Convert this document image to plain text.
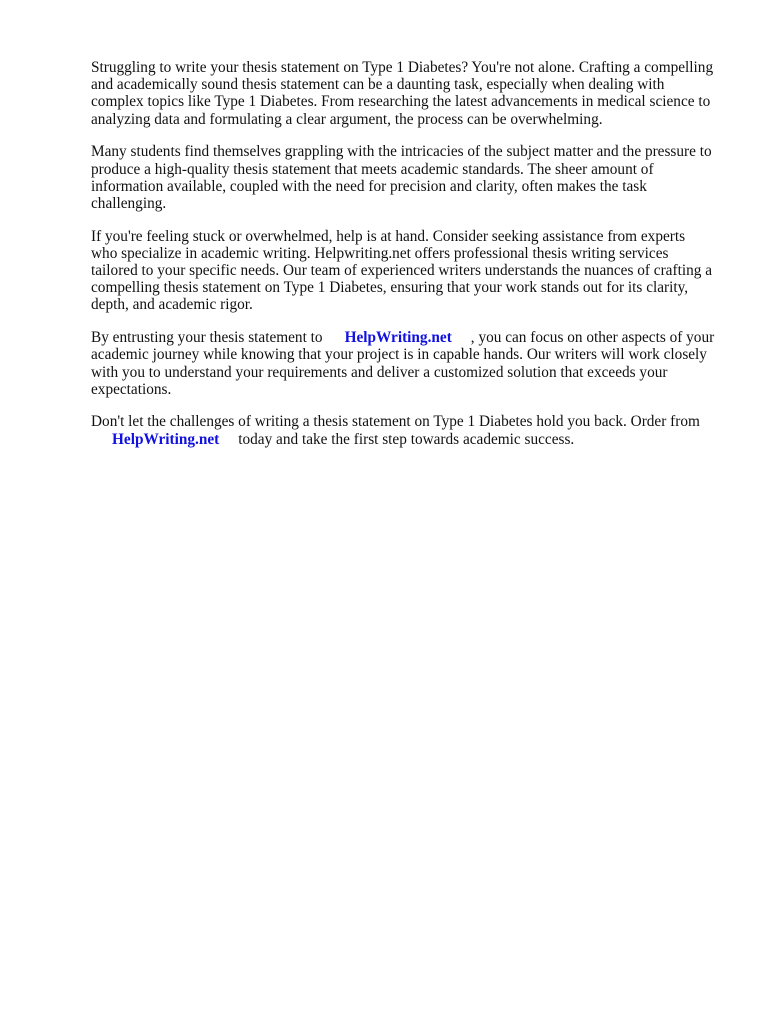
Struggling to write your thesis statement on Type 1 Diabetes? You're not alone. Crafting a compelling and academically sound thesis statement can be a daunting task, especially when dealing with complex topics like Type 1 Diabetes. From researching the latest advancements in medical science to analyzing data and formulating a clear argument, the process can be overwhelming.

Many students find themselves grappling with the intricacies of the subject matter and the pressure to produce a high-quality thesis statement that meets academic standards. The sheer amount of information available, coupled with the need for precision and clarity, often makes the task challenging.

If you're feeling stuck or overwhelmed, help is at hand. Consider seeking assistance from experts who specialize in academic writing. Helpwriting.net offers professional thesis writing services tailored to your specific needs. Our team of experienced writers understands the nuances of crafting a compelling thesis statement on Type 1 Diabetes, ensuring that your work stands out for its clarity, depth, and academic rigor.

By entrusting your thesis statement to HelpWriting.net , you can focus on other aspects of your academic journey while knowing that your project is in capable hands. Our writers will work closely with you to understand your requirements and deliver a customized solution that exceeds your expectations.

Don't let the challenges of writing a thesis statement on Type 1 Diabetes hold you back. Order from
HelpWriting.net today and take the first step towards academic success.
